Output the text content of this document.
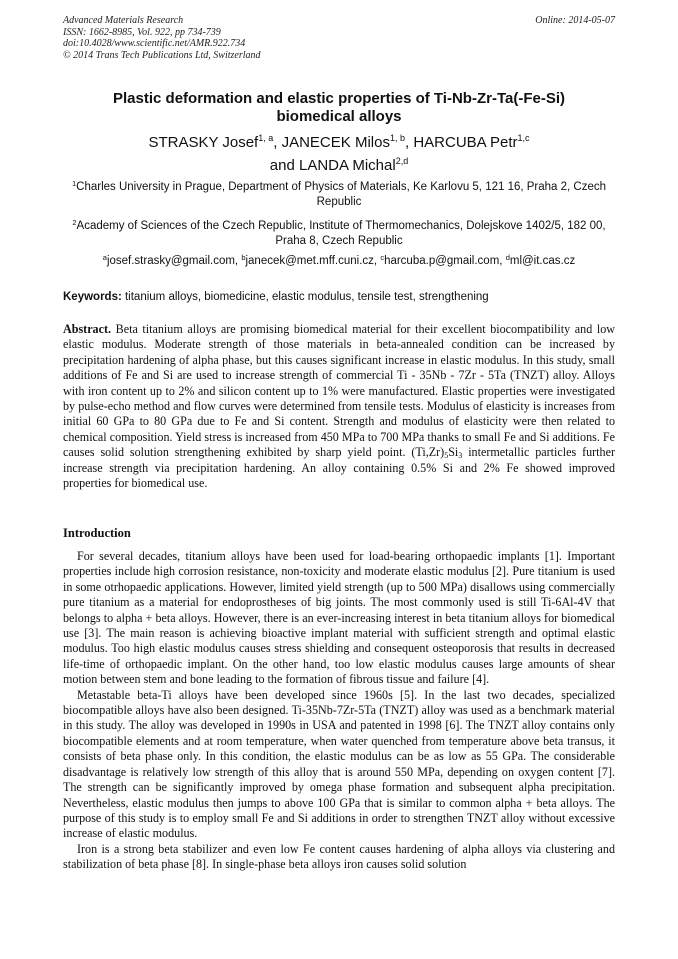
Advanced Materials Research
ISSN: 1662-8985, Vol. 922, pp 734-739
doi:10.4028/www.scientific.net/AMR.922.734
© 2014 Trans Tech Publications Ltd, Switzerland
Online: 2014-05-07
Plastic deformation and elastic properties of Ti-Nb-Zr-Ta(-Fe-Si)
biomedical alloys
STRASKY Josef$^{1, a}$, JANECEK Milos$^{1, b}$, HARCUBA Petr$^{1,c}$
and LANDA Michal$^{2,d}$
$^1$Charles University in Prague, Department of Physics of Materials, Ke Karlovu 5, 121 16, Praha 2, Czech Republic
$^2$Academy of Sciences of the Czech Republic, Institute of Thermomechanics, Dolejskove 1402/5, 182 00, Praha 8, Czech Republic
$^a$josef.strasky@gmail.com, $^b$janecek@met.mff.cuni.cz, $^c$harcuba.p@gmail.com, $^d$ml@it.cas.cz
Keywords: titanium alloys, biomedicine, elastic modulus, tensile test, strengthening
Abstract. Beta titanium alloys are promising biomedical material for their excellent biocompatibility and low elastic modulus. Moderate strength of those materials in beta-annealed condition can be increased by precipitation hardening of alpha phase, but this causes significant increase in elastic modulus. In this study, small additions of Fe and Si are used to increase strength of commercial Ti - 35Nb - 7Zr - 5Ta (TNZT) alloy. Alloys with iron content up to 2% and silicon content up to 1% were manufactured. Elastic properties were investigated by pulse-echo method and flow curves were determined from tensile tests. Modulus of elasticity is increases from initial 60 GPa to 80 GPa due to Fe and Si content. Strength and modulus of elasticity were then related to chemical composition. Yield stress is increased from 450 MPa to 700 MPa thanks to small Fe and Si additions. Fe causes solid solution strengthening exhibited by sharp yield point. $(Ti,Zr)_5Si_3$ intermetallic particles further increase strength via precipitation hardening. An alloy containing 0.5% Si and 2% Fe showed improved properties for biomedical use.
Introduction

For several decades, titanium alloys have been used for load-bearing orthopaedic implants [1]. Important properties include high corrosion resistance, non-toxicity and moderate elastic modulus [2]. Pure titanium is used in some otrhopaedic applications. However, limited yield strength (up to 500 MPa) disallows using commercially pure titanium as a material for endoprostheses of big joints. The most commonly used is still Ti-6Al-4V that belongs to alpha + beta alloys. However, there is an ever-increasing interest in beta titanium alloys for biomedical use [3]. The main reason is achieving bioactive implant material with sufficient strength and optimal elastic modulus. Too high elastic modulus causes stress shielding and consequent osteoporosis that results in decreased life-time of orthopaedic implant. On the other hand, too low elastic modulus causes large amounts of shear motion between stem and bone leading to the formation of fibrous tissue and failure [4].

Metastable beta-Ti alloys have been developed since 1960s [5]. In the last two decades, specialized biocompatible alloys have also been designed. Ti-35Nb-7Zr-5Ta (TNZT) alloy was used as a benchmark material in this study. The alloy was developed in 1990s in USA and patented in 1998 [6]. The TNZT alloy contains only biocompatible elements and at room temperature, when water quenched from temperature above beta transus, it consists of beta phase only. In this condition, the elastic modulus can be as low as 55 GPa. The considerable disadvantage is relatively low strength of this alloy that is around 550 MPa, depending on oxygen content [7]. The strength can be significantly improved by omega phase formation and subsequent alpha precipitation. Nevertheless, elastic modulus then jumps to above 100 GPa that is similar to common alpha + beta alloys. The purpose of this study is to employ small Fe and Si additions in order to strengthen TNZT alloy without excessive increase of elastic modulus.

Iron is a strong beta stabilizer and even low Fe content causes hardening of alpha alloys via clustering and stabilization of beta phase [8]. In single-phase beta alloys iron causes solid solution
